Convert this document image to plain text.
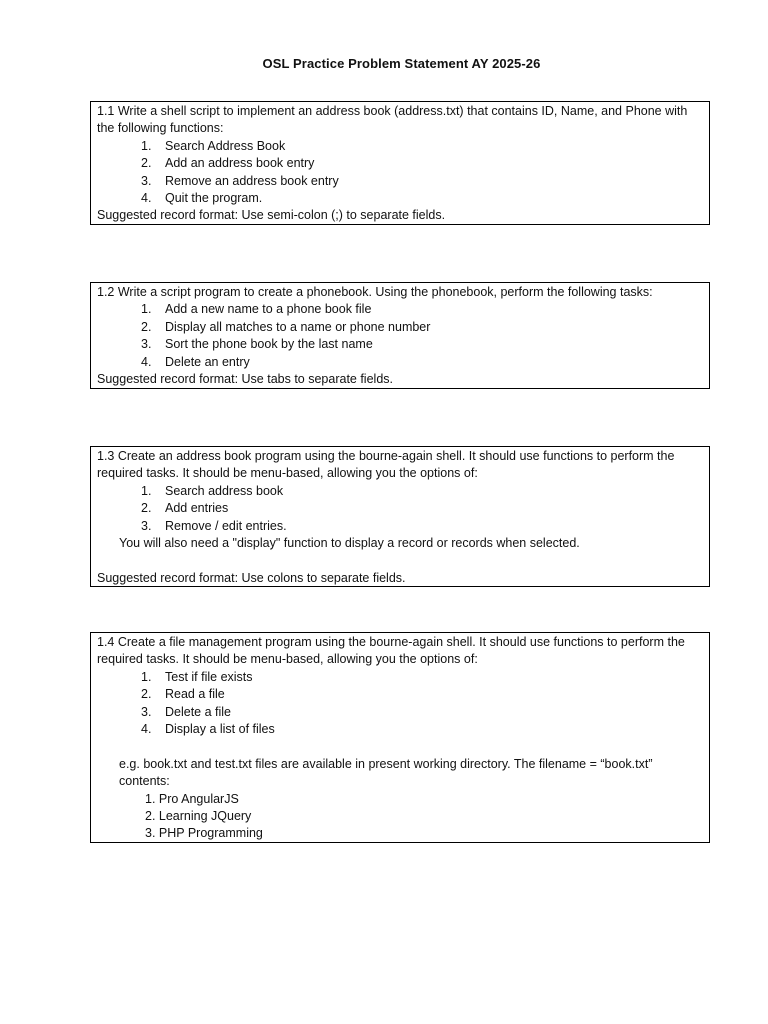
OSL Practice Problem Statement AY 2025-26
1.1 Write a shell script to implement an address book (address.txt) that contains ID, Name, and Phone with the following functions:
1. Search Address Book
2. Add an address book entry
3. Remove an address book entry
4. Quit the program.
Suggested record format: Use semi-colon (;) to separate fields.
1.2 Write a script program to create a phonebook. Using the phonebook, perform the following tasks:
1. Add a new name to a phone book file
2. Display all matches to a name or phone number
3. Sort the phone book by the last name
4. Delete an entry
Suggested record format: Use tabs to separate fields.
1.3 Create an address book program using the bourne-again shell. It should use functions to perform the required tasks. It should be menu-based, allowing you the options of:
1. Search address book
2. Add entries
3. Remove / edit entries.
You will also need a "display" function to display a record or records when selected.
Suggested record format: Use colons to separate fields.
1.4 Create a file management program using the bourne-again shell. It should use functions to perform the required tasks. It should be menu-based, allowing you the options of:
1. Test if file exists
2. Read a file
3. Delete a file
4. Display a list of files
e.g. book.txt and test.txt files are available in present working directory. The filename = “book.txt”
contents:
1. Pro AngularJS
2. Learning JQuery
3. PHP Programming
